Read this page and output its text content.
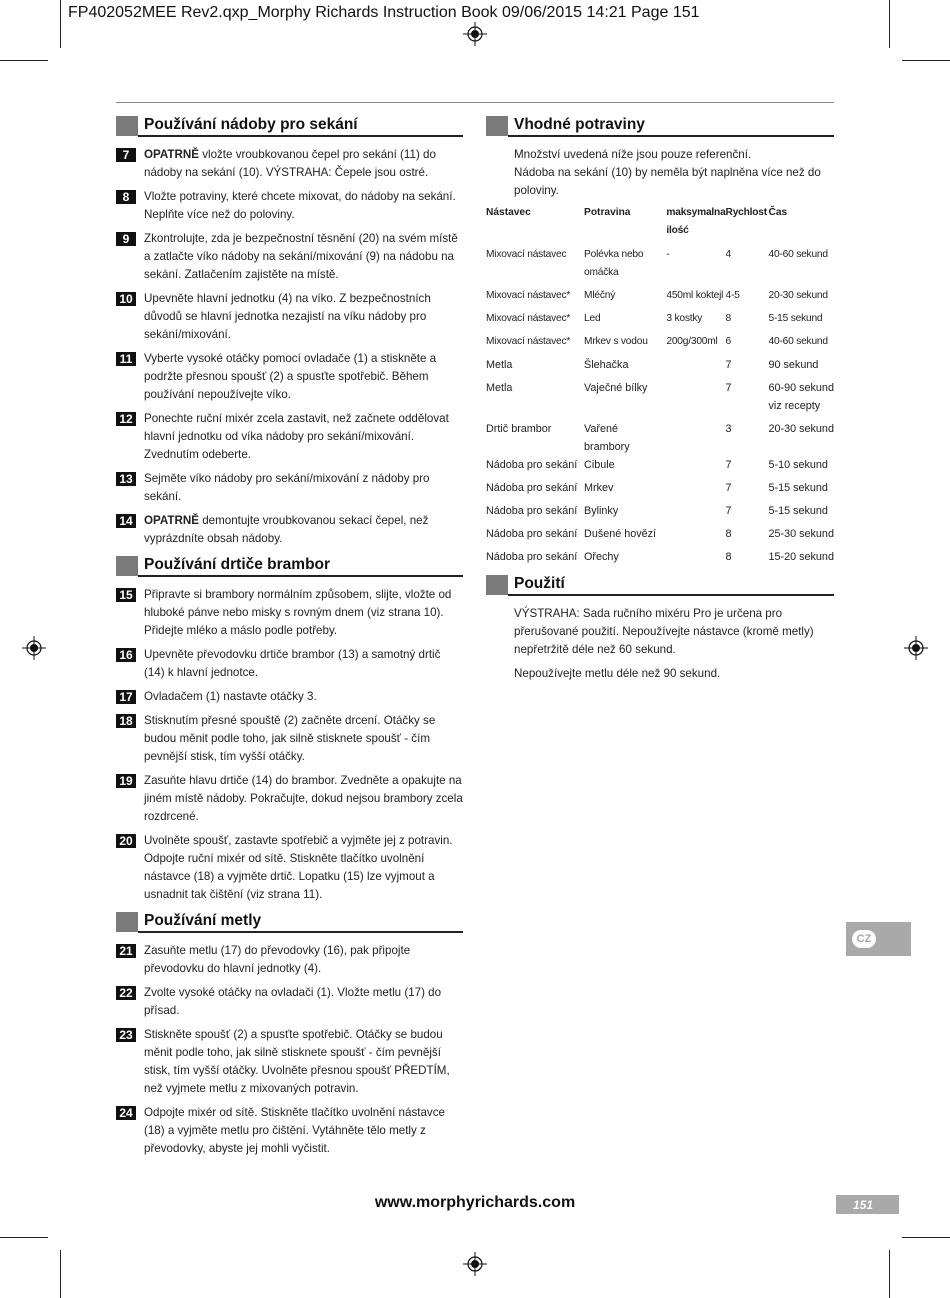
FP402052MEE Rev2.qxp_Morphy Richards Instruction Book 09/06/2015 14:21 Page 151
Používání nádoby pro sekání
7	OPATRNĚ vložte vroubkovanou čepel pro sekání (11) do nádoby na sekání (10). VÝSTRAHA: Čepele jsou ostré.
8	Vložte potraviny, které chcete mixovat, do nádoby na sekání. Neplňte více než do poloviny.
9	Zkontrolujte, zda je bezpečnostní těsnění (20) na svém místě a zatlačte víko nádoby na sekání/mixování (9) na nádobu na sekání. Zatlačením zajistěte na místě.
10 Upevněte hlavní jednotku (4) na víko. Z bezpečnostních důvodů se hlavní jednotka nezajistí na víku nádoby pro sekání/mixování.
11	Vyberte vysoké otáčky pomocí ovladače (1) a stiskněte a podržte přesnou spoušť (2) a spusťte spotřebič. Během používání nepoužívejte víko.
12 Ponechte ruční mixér zcela zastavit, než začnete oddělovat hlavní jednotku od víka nádoby pro sekání/mixování. Zvednutím odeberte.
13 Sejměte víko nádoby pro sekání/mixování z nádoby pro sekání.
14 OPATRNĚ demontujte vroubkovanou sekací čepel, než vyprázdníte obsah nádoby.
Používání drtiče brambor
15 Připravte si brambory normálním způsobem, slijte, vložte od hluboké pánve nebo misky s rovným dnem (viz strana 10). Přidejte mléko a máslo podle potřeby.
16 Upevněte převodovku drtiče brambor (13) a samotný drtič (14) k hlavní jednotce.
17 Ovladačem (1) nastavte otáčky 3.
18 Stisknutím přesné spouště (2) začněte drcení. Otáčky se budou měnit podle toho, jak silně stisknete spoušť - čím pevnější stisk, tím vyšší otáčky.
19 Zasuňte hlavu drtiče (14) do brambor. Zvedněte a opakujte na jiném místě nádoby. Pokračujte, dokud nejsou brambory zcela rozdrcené.
20 Uvolněte spoušť, zastavte spotřebič a vyjměte jej z potravin. Odpojte ruční mixér od sítě. Stiskněte tlačítko uvolnění nástavce (18) a vyjměte drtič. Lopatku (15) lze vyjmout a usnadnit tak čištění (viz strana 11).
Používání metly
21 Zasuňte metlu (17) do převodovky (16), pak připojte převodovku do hlavní jednotky (4).
22 Zvolte vysoké otáčky na ovladači (1). Vložte metlu (17) do přísad.
23 Stiskněte spoušť (2) a spusťte spotřebič. Otáčky se budou měnit podle toho, jak silně stisknete spoušť - čím pevnější stisk, tím vyšší otáčky. Uvolněte přesnou spoušť PŘEDTÍM, než vyjmete metlu z mixovaných potravin.
24 Odpojte mixér od sítě. Stiskněte tlačítko uvolnění nástavce (18) a vyjměte metlu pro čištění. Vytáhněte tělo metly z převodovky, abyste jej mohli vyčistit.
Vhodné potraviny

Množství uvedená níže jsou pouze referenční.

Nádoba na sekání (10) by neměla být naplněna více než do poloviny.

Nástavec	Potravina	maksymalna ilość	Rychlost	Čas

Mixovací nástavec	Polévka nebo omáčka	-	4	40-60 sekund
Mixovací nástavec*	Mléčný	450ml koktejl	4-5	20-30 sekund
Mixovací nástavec*	Led	3 kostky	8	5-15 sekund
Mixovací nástavec*	Mrkev s vodou	200g/300ml	6	40-60 sekund
Metla	Šlehačka		7	90 sekund
Metla	Vaječné bílky		7	60-90 sekund viz recepty
Drtič brambor	Vařené brambory		3	20-30 sekund
Nádoba pro sekání	Cibule		7	5-10 sekund
Nádoba pro sekání	Mrkev		7	5-15 sekund
Nádoba pro sekání	Bylinky		7	5-15 sekund
Nádoba pro sekání	Dušené hovězí		8	25-30 sekund
Nádoba pro sekání	Ořechy		8	15-20 sekund
Použití

VÝSTRAHA: Sada ručního mixéru Pro je určena pro přerušované použití. Nepoužívejte nástavce (kromě metly) nepřetržitě déle než 60 sekund.

Nepoužívejte metlu déle než 90 sekund.

CZ
www.morphyrichards.com	151
